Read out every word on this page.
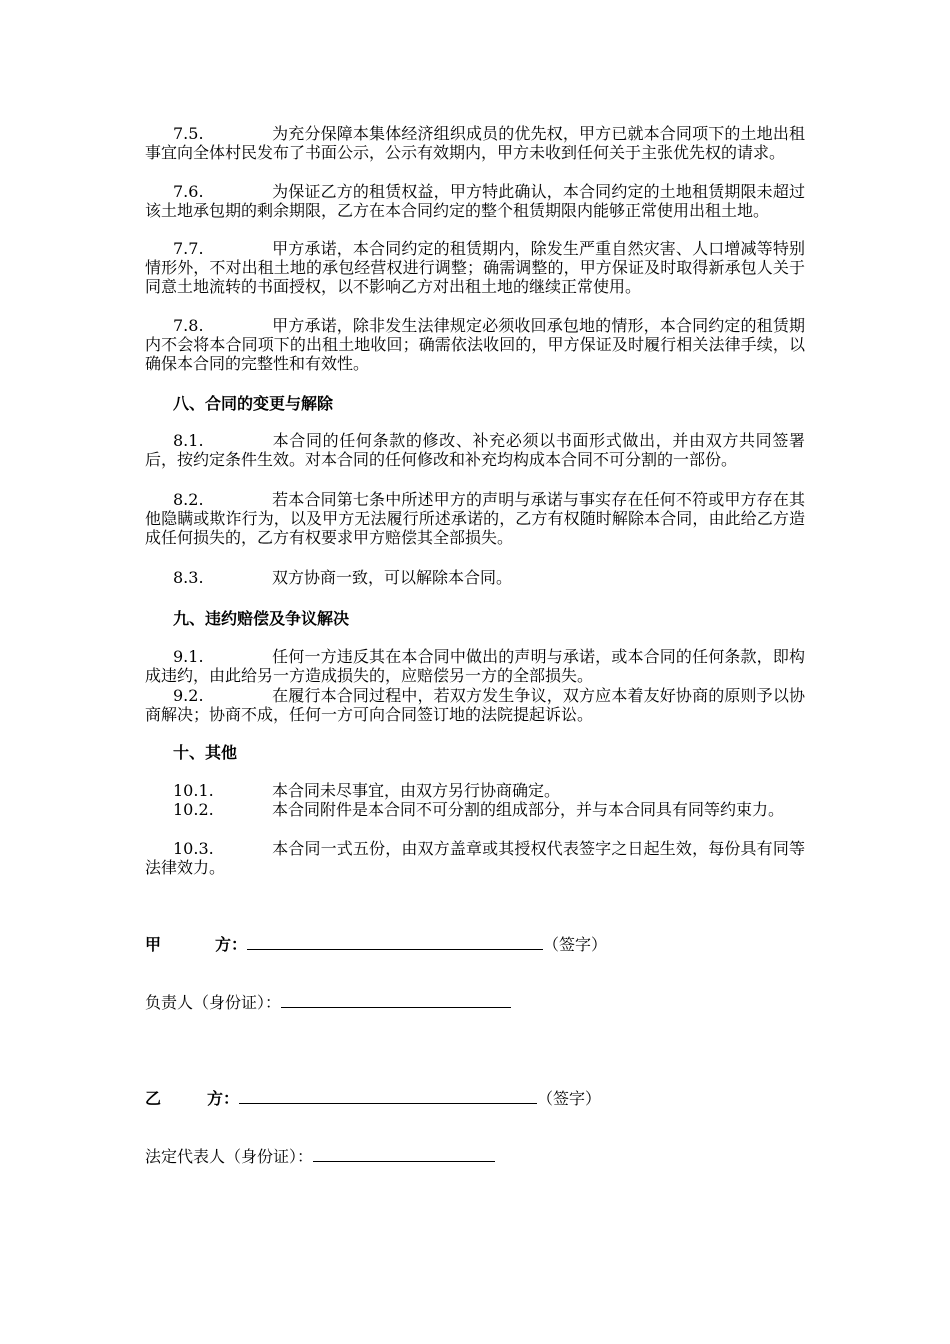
7.5.	为充分保障本集体经济组织成员的优先权，甲方已就本合同项下的土地出租事宜向全体村民发布了书面公示，公示有效期内，甲方未收到任何关于主张优先权的请求。

7.6.	为保证乙方的租赁权益，甲方特此确认，本合同约定的土地租赁期限未超过该土地承包期的剩余期限，乙方在本合同约定的整个租赁期限内能够正常使用出租土地。

7.7.	甲方承诺，本合同约定的租赁期内，除发生严重自然灾害、人口增减等特别情形外，不对出租土地的承包经营权进行调整；确需调整的，甲方保证及时取得新承包人关于同意土地流转的书面授权，以不影响乙方对出租土地的继续正常使用。

7.8.	甲方承诺，除非发生法律规定必须收回承包地的情形，本合同约定的租赁期内不会将本合同项下的出租土地收回；确需依法收回的，甲方保证及时履行相关法律手续，以确保本合同的完整性和有效性。

八、合同的变更与解除

8.1.	本合同的任何条款的修改、补充必须以书面形式做出，并由双方共同签署后，按约定条件生效。对本合同的任何修改和补充均构成本合同不可分割的一部份。

8.2.	若本合同第七条中所述甲方的声明与承诺与事实存在任何不符或甲方存在其他隐瞒或欺诈行为，以及甲方无法履行所述承诺的，乙方有权随时解除本合同，由此给乙方造成任何损失的，乙方有权要求甲方赔偿其全部损失。

8.3.	双方协商一致，可以解除本合同。

九、违约赔偿及争议解决

9.1.	任何一方违反其在本合同中做出的声明与承诺，或本合同的任何条款，即构成违约，由此给另一方造成损失的，应赔偿另一方的全部损失。

9.2.	在履行本合同过程中，若双方发生争议，双方应本着友好协商的原则予以协商解决；协商不成，任何一方可向合同签订地的法院提起诉讼。

十、其他

10.1.	本合同未尽事宜，由双方另行协商确定。

10.2.	本合同附件是本合同不可分割的组成部分，并与本合同具有同等约束力。

10.3.	本合同一式五份，由双方盖章或其授权代表签字之日起生效，每份具有同等法律效力。

甲	方：	（签字）
负责人（身份证）：
乙	方：	（签字）
法定代表人（身份证）：
